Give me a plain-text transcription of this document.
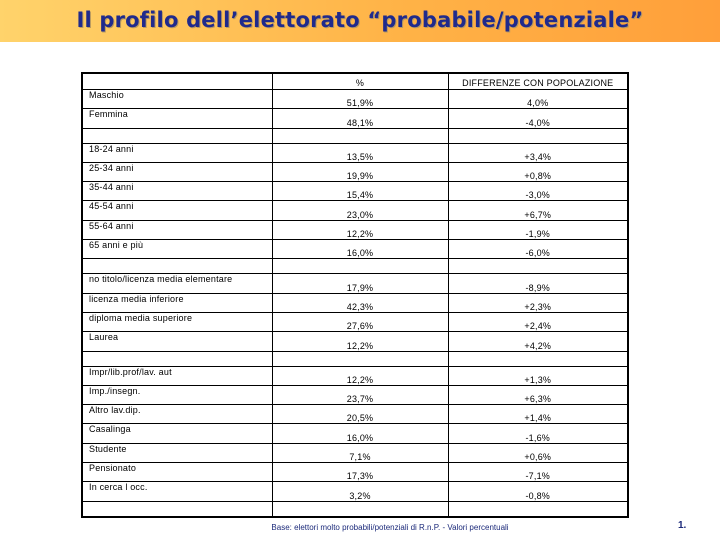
Il profilo dell’elettorato “probabile/potenziale”
	%	DIFFERENZE CON POPOLAZIONE
Maschio	51,9%	4,0%
Femmina	48,1%	-4,0%

18-24 anni	13,5%	+3,4%
25-34 anni	19,9%	+0,8%
35-44 anni	15,4%	-3,0%
45-54 anni	23,0%	+6,7%
55-64 anni	12,2%	-1,9%
65 anni e più	16,0%	-6,0%

no titolo/licenza media elementare	17,9%	-8,9%
licenza media inferiore	42,3%	+2,3%
diploma media superiore	27,6%	+2,4%
Laurea	12,2%	+4,2%

Impr/lib.prof/lav. aut	12,2%	+1,3%
Imp./insegn.	23,7%	+6,3%
Altro lav.dip.	20,5%	+1,4%
Casalinga	16,0%	-1,6%
Studente	7,1%	+0,6%
Pensionato	17,3%	-7,1%
In cerca l occ.	3,2%	-0,8%

Base: elettori molto probabili/potenziali di R.n.P. - Valori percentuali	1.
